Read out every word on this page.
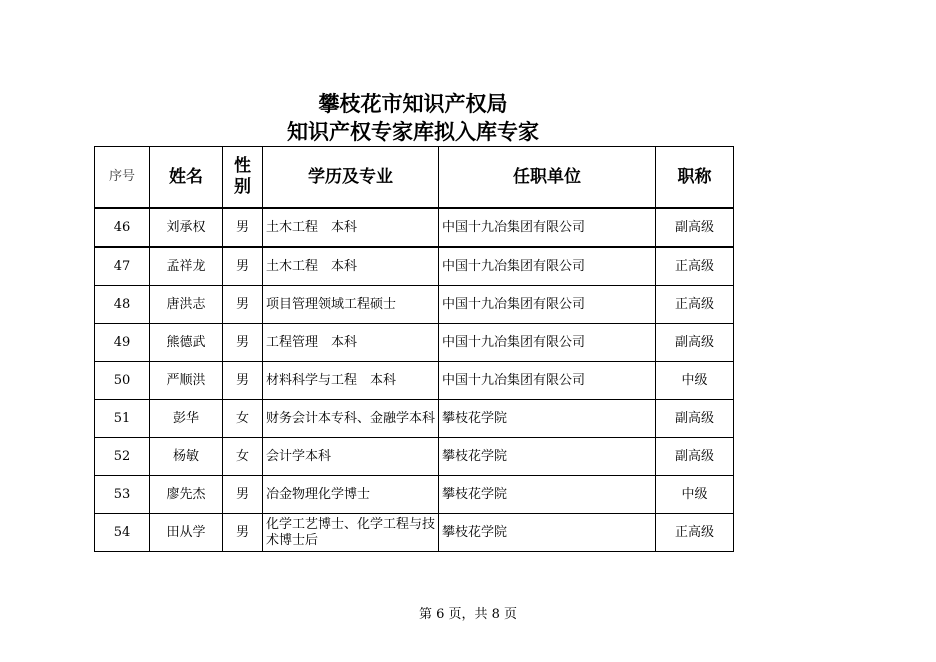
攀枝花市知识产权局
知识产权专家库拟入库专家
序号	姓名	性别	学历及专业	任职单位	职称
46	刘承权	男	土木工程　本科	中国十九冶集团有限公司	副高级
47	孟祥龙	男	土木工程　本科	中国十九冶集团有限公司	正高级
48	唐洪志	男	项目管理领域工程硕士	中国十九冶集团有限公司	正高级
49	熊德武	男	工程管理　本科	中国十九冶集团有限公司	副高级
50	严顺洪	男	材料科学与工程　本科	中国十九冶集团有限公司	中级
51	彭华	女	财务会计本专科、金融学本科	攀枝花学院	副高级
52	杨敏	女	会计学本科	攀枝花学院	副高级
53	廖先杰	男	冶金物理化学博士	攀枝花学院	中级
54	田从学	男	化学工艺博士、化学工程与技术博士后	攀枝花学院	正高级
第 6 页，共 8 页
